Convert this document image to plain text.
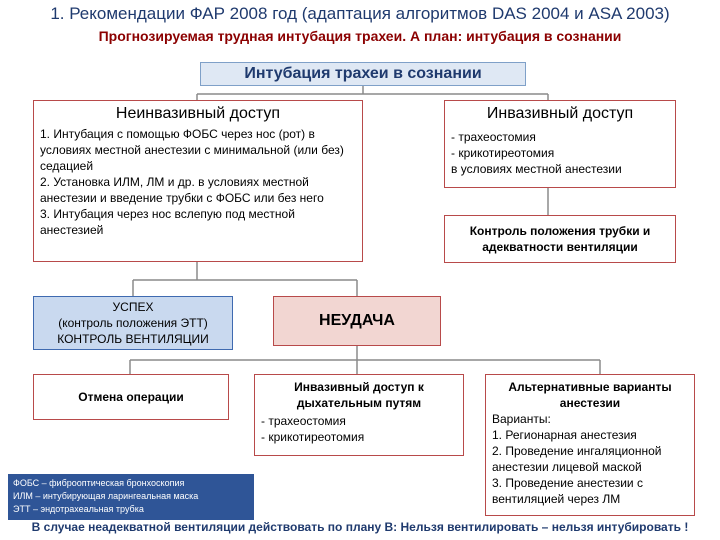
1. Рекомендации ФАР 2008 год (адаптация алгоритмов DAS 2004 и ASA 2003)
Прогнозируемая трудная интубация трахеи. А план: интубация в сознании
Интубация трахеи в сознании
Неинвазивный доступ
1. Интубация с помощью ФОБС через нос (рот) в условиях местной анестезии с минимальной (или без) седацией
2. Установка ИЛМ, ЛМ и др. в условиях местной анестезии и введение трубки с ФОБС или без него
3. Интубация через нос вслепую под местной анестезией
Инвазивный доступ
- трахеостомия
- крикотиреотомия
в условиях местной анестезии
Контроль положения трубки и адекватности вентиляции
УСПЕХ
(контроль положения ЭТТ)
КОНТРОЛЬ ВЕНТИЛЯЦИИ
НЕУДАЧА
Отмена операции
Инвазивный доступ к дыхательным путям
- трахеостомия
- крикотиреотомия
Альтернативные варианты анестезии
Варианты:
1. Регионарная анестезия
2. Проведение ингаляционной анестезии лицевой маской
3. Проведение анестезии с вентиляцией через ЛМ
ФОБС – фиброоптическая бронхоскопия
ИЛМ – интубирующая ларингеальная маска
ЭТТ – эндотрахеальная трубка
В случае неадекватной вентиляции действовать по плану В: Нельзя вентилировать – нельзя интубировать !
